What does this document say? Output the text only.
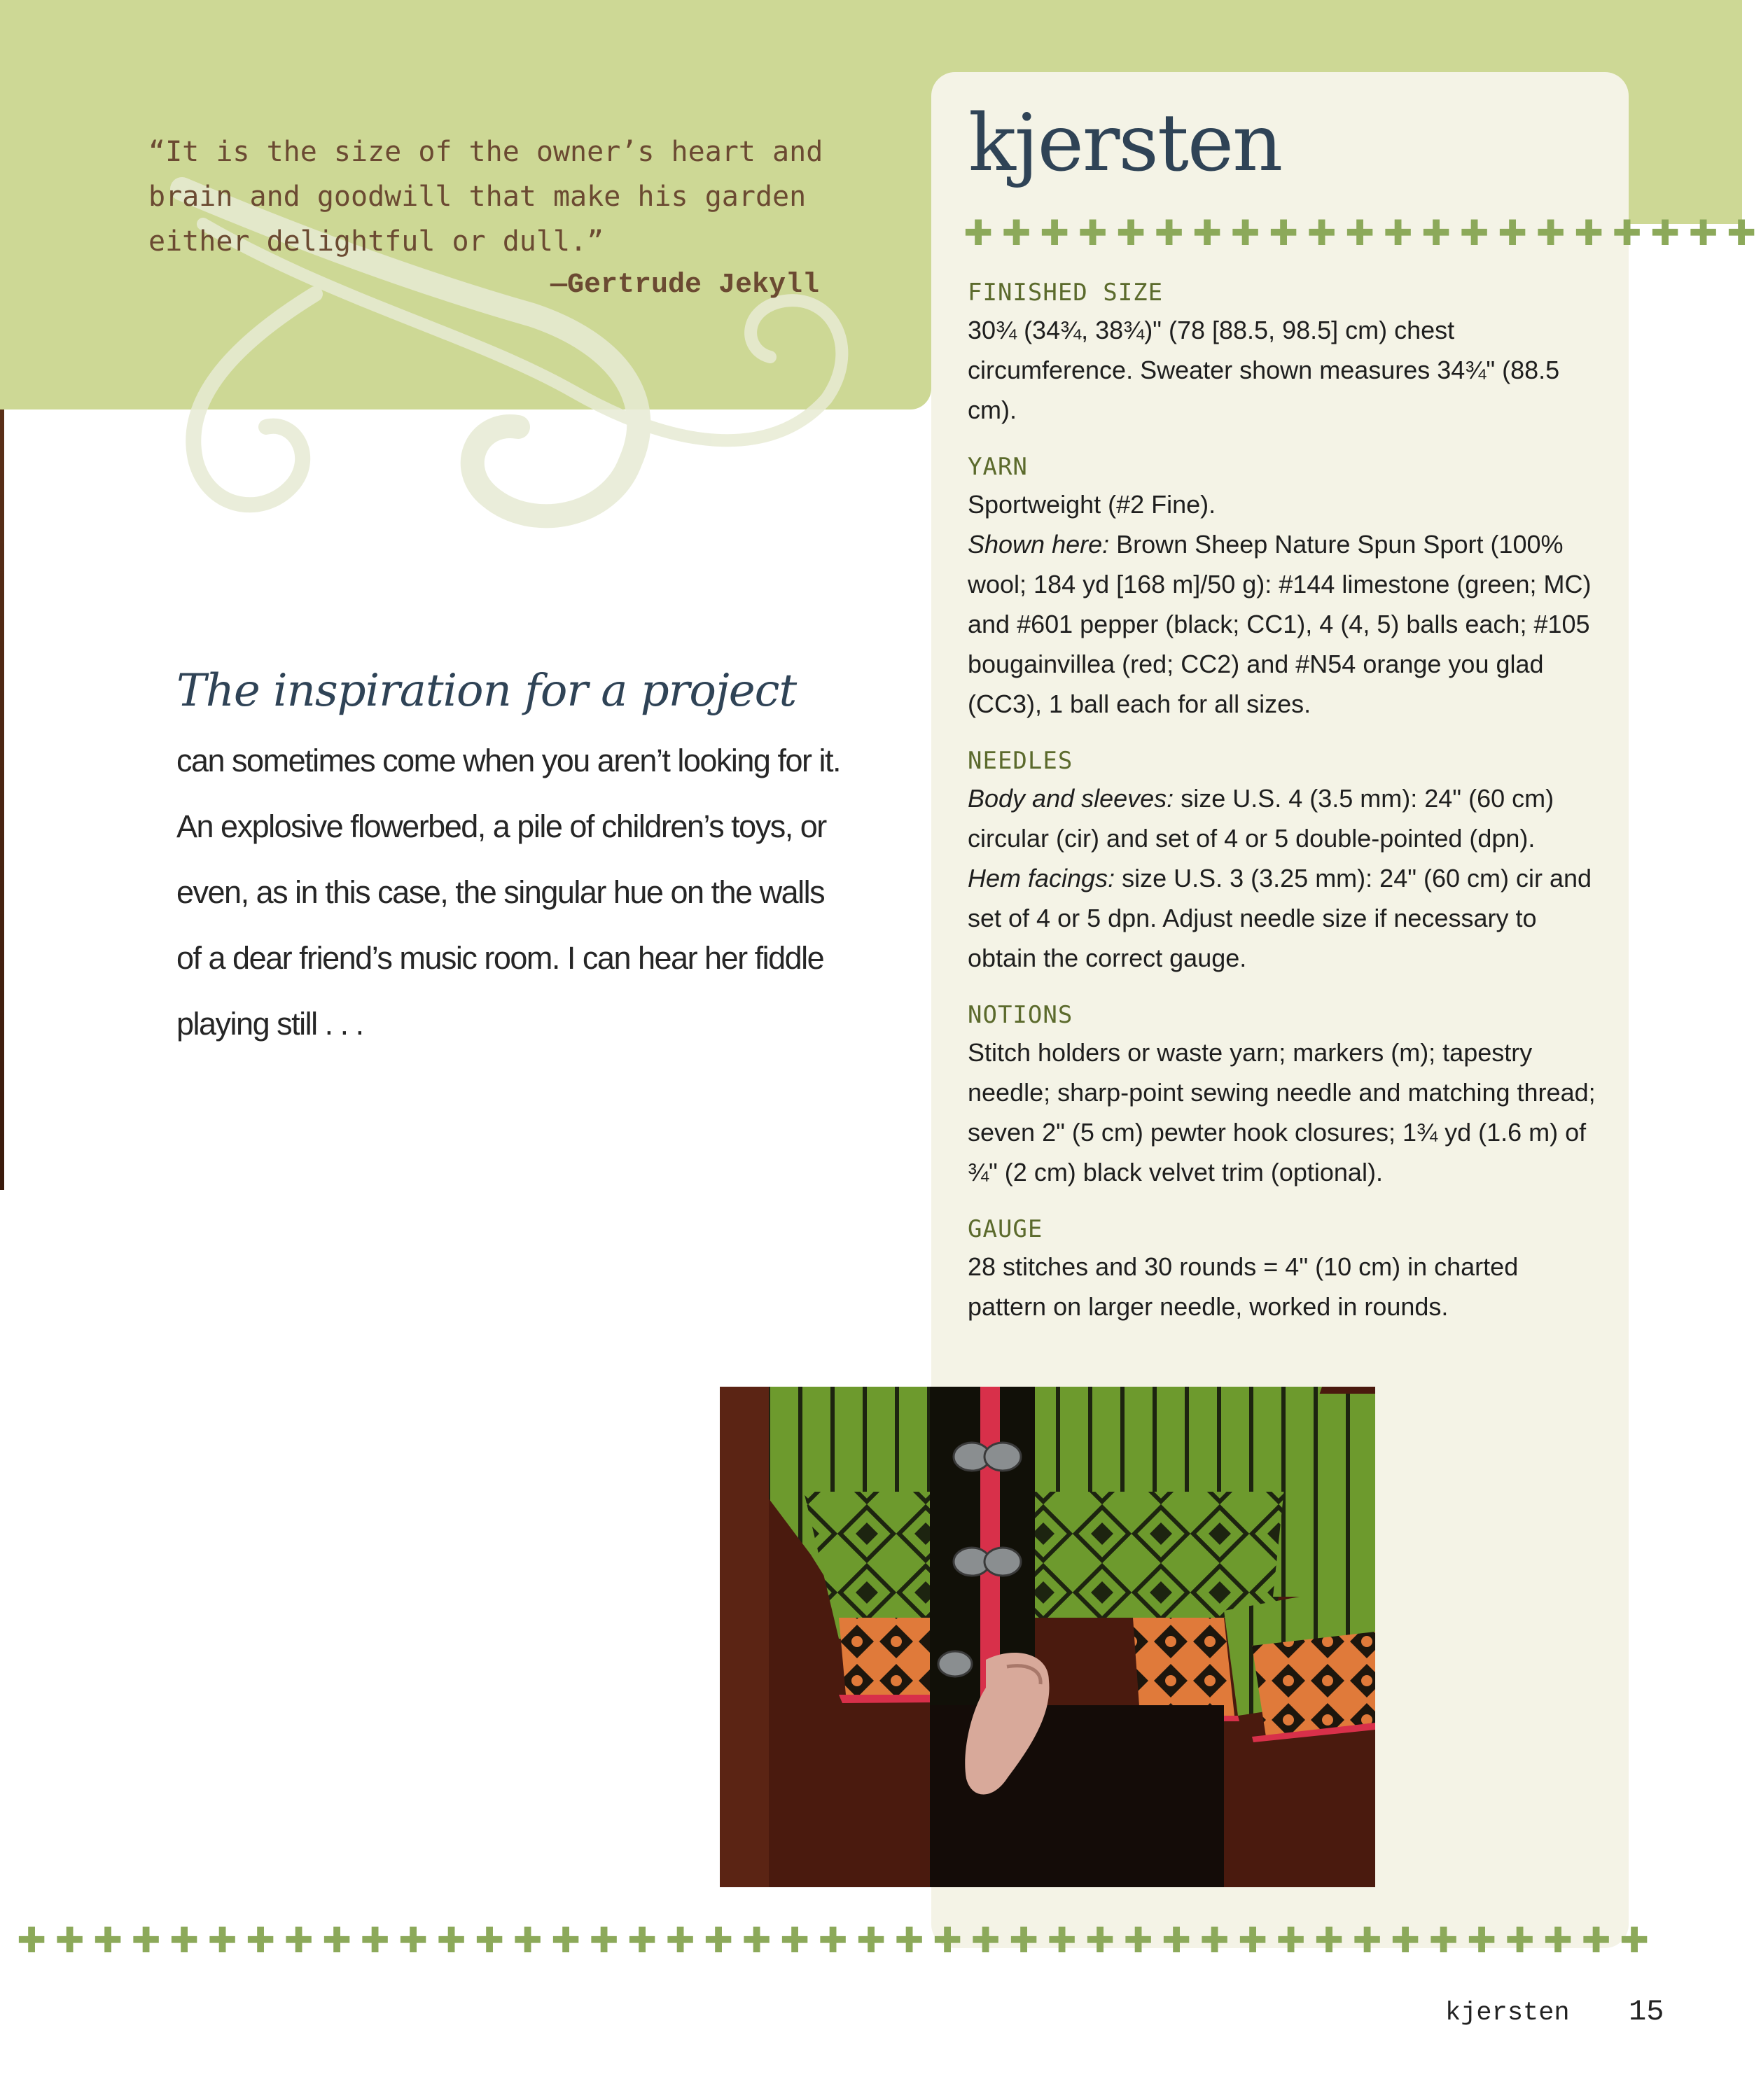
“It is the size of the owner’s heart and
brain and goodwill that make his garden
either delightful or dull.”

—Gertrude Jekyll
kjersten
✚ ✚ ✚ ✚ ✚ ✚ ✚ ✚ ✚ ✚ ✚ ✚ ✚ ✚ ✚ ✚ ✚ ✚ ✚ ✚ ✚
FINISHED SIZE

30¾ (34¾, 38¾)" (78 [88.5, 98.5] cm) chest circumference. Sweater shown measures 34¾" (88.5 cm).

YARN

Sportweight (#2 Fine).

Shown here: Brown Sheep Nature Spun Sport (100% wool; 184 yd [168 m]/50 g): #144 limestone (green; MC) and #601 pepper (black; CC1), 4 (4, 5) balls each; #105 bougainvillea (red; CC2) and #N54 orange you glad (CC3), 1 ball each for all sizes.

NEEDLES

Body and sleeves: size U.S. 4 (3.5 mm): 24" (60 cm) circular (cir) and set of 4 or 5 double-pointed (dpn).

Hem facings: size U.S. 3 (3.25 mm): 24" (60 cm) cir and set of 4 or 5 dpn. Adjust needle size if necessary to obtain the correct gauge.

NOTIONS

Stitch holders or waste yarn; markers (m); tapestry needle; sharp-point sewing needle and matching thread; seven 2" (5 cm) pewter hook closures; 1¾ yd (1.6 m) of ¾" (2 cm) black velvet trim (optional).

GAUGE

28 stitches and 30 rounds = 4" (10 cm) in charted pattern on larger needle, worked in rounds.

The inspiration for a project can sometimes come when you aren’t looking for it. An explosive flowerbed, a pile of children’s toys, or even, as in this case, the singular hue on the walls of a dear friend’s music room. I can hear her fiddle playing still . . .

✚ ✚ ✚ ✚ ✚ ✚ ✚ ✚ ✚ ✚ ✚ ✚ ✚ ✚ ✚ ✚ ✚ ✚ ✚ ✚ ✚ ✚ ✚ ✚ ✚ ✚ ✚ ✚ ✚ ✚ ✚ ✚ ✚ ✚ ✚ ✚ ✚ ✚ ✚ ✚ ✚ ✚ ✚
kjersten 15
